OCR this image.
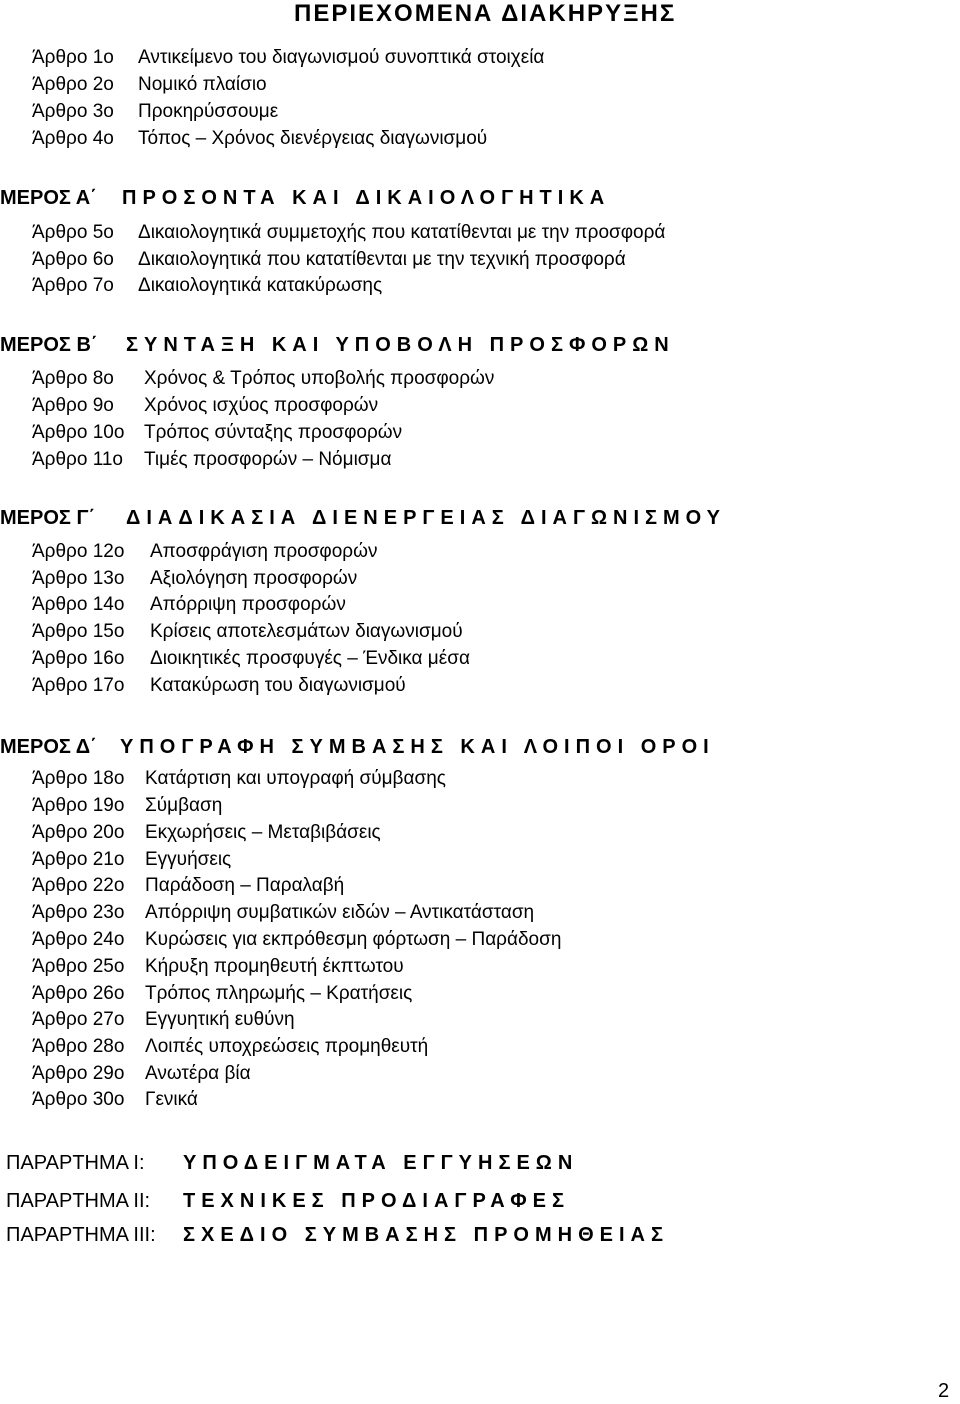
ΠΕΡΙΕΧΟΜΕΝΑ ΔΙΑΚΗΡΥΞΗΣ
Άρθρο 1ο Αντικείμενο του διαγωνισμού συνοπτικά στοιχεία
Άρθρο 2ο Νομικό πλαίσιο
Άρθρο 3ο Προκηρύσσουμε
Άρθρο 4ο Τόπος – Χρόνος διενέργειας διαγωνισμού
ΜΕΡΟΣ Α΄ ΠΡΟΣΟΝΤΑ ΚΑΙ ΔΙΚΑΙΟΛΟΓΗΤΙΚΑ
Άρθρο 5ο Δικαιολογητικά συμμετοχής που κατατίθενται με την προσφορά
Άρθρο 6ο Δικαιολογητικά που κατατίθενται με την τεχνική προσφορά
Άρθρο 7ο Δικαιολογητικά κατακύρωσης
ΜΕΡΟΣ Β΄ ΣΥΝΤΑΞΗ ΚΑΙ ΥΠΟΒΟΛΗ ΠΡΟΣΦΟΡΩΝ
Άρθρο 8ο Χρόνος & Τρόπος υποβολής προσφορών
Άρθρο 9ο Χρόνος ισχύος προσφορών
Άρθρο 10ο Τρόπος σύνταξης προσφορών
Άρθρο 11ο Τιμές προσφορών – Νόμισμα
ΜΕΡΟΣ Γ΄ ΔΙΑΔΙΚΑΣΙΑ ΔΙΕΝΕΡΓΕΙΑΣ ΔΙΑΓΩΝΙΣΜΟΥ
Άρθρο 12ο Αποσφράγιση προσφορών
Άρθρο 13ο Αξιολόγηση προσφορών
Άρθρο 14ο Απόρριψη προσφορών
Άρθρο 15ο Κρίσεις αποτελεσμάτων διαγωνισμού
Άρθρο 16ο Διοικητικές προσφυγές – Ένδικα μέσα
Άρθρο 17ο Κατακύρωση του διαγωνισμού
ΜΕΡΟΣ Δ΄ ΥΠΟΓΡΑΦΗ ΣΥΜΒΑΣΗΣ ΚΑΙ ΛΟΙΠΟΙ ΟΡΟΙ
Άρθρο 18ο Κατάρτιση και υπογραφή σύμβασης
Άρθρο 19ο Σύμβαση
Άρθρο 20ο Εκχωρήσεις – Μεταβιβάσεις
Άρθρο 21ο Εγγυήσεις
Άρθρο 22ο Παράδοση – Παραλαβή
Άρθρο 23ο Απόρριψη συμβατικών ειδών – Αντικατάσταση
Άρθρο 24ο Κυρώσεις για εκπρόθεσμη φόρτωση – Παράδοση
Άρθρο 25ο Κήρυξη προμηθευτή έκπτωτου
Άρθρο 26ο Τρόπος πληρωμής – Κρατήσεις
Άρθρο 27ο Εγγυητική ευθύνη
Άρθρο 28ο Λοιπές υποχρεώσεις προμηθευτή
Άρθρο 29ο Ανωτέρα βία
Άρθρο 30ο Γενικά
ΠΑΡΑΡΤΗΜΑ Ι: ΥΠΟΔΕΙΓΜΑΤΑ ΕΓΓΥΗΣΕΩΝ
ΠΑΡΑΡΤΗΜΑ ΙΙ: ΤΕΧΝΙΚΕΣ ΠΡΟΔΙΑΓΡΑΦΕΣ
ΠΑΡΑΡΤΗΜΑ ΙΙΙ: ΣΧΕΔΙΟ ΣΥΜΒΑΣΗΣ ΠΡΟΜΗΘΕΙΑΣ
2
